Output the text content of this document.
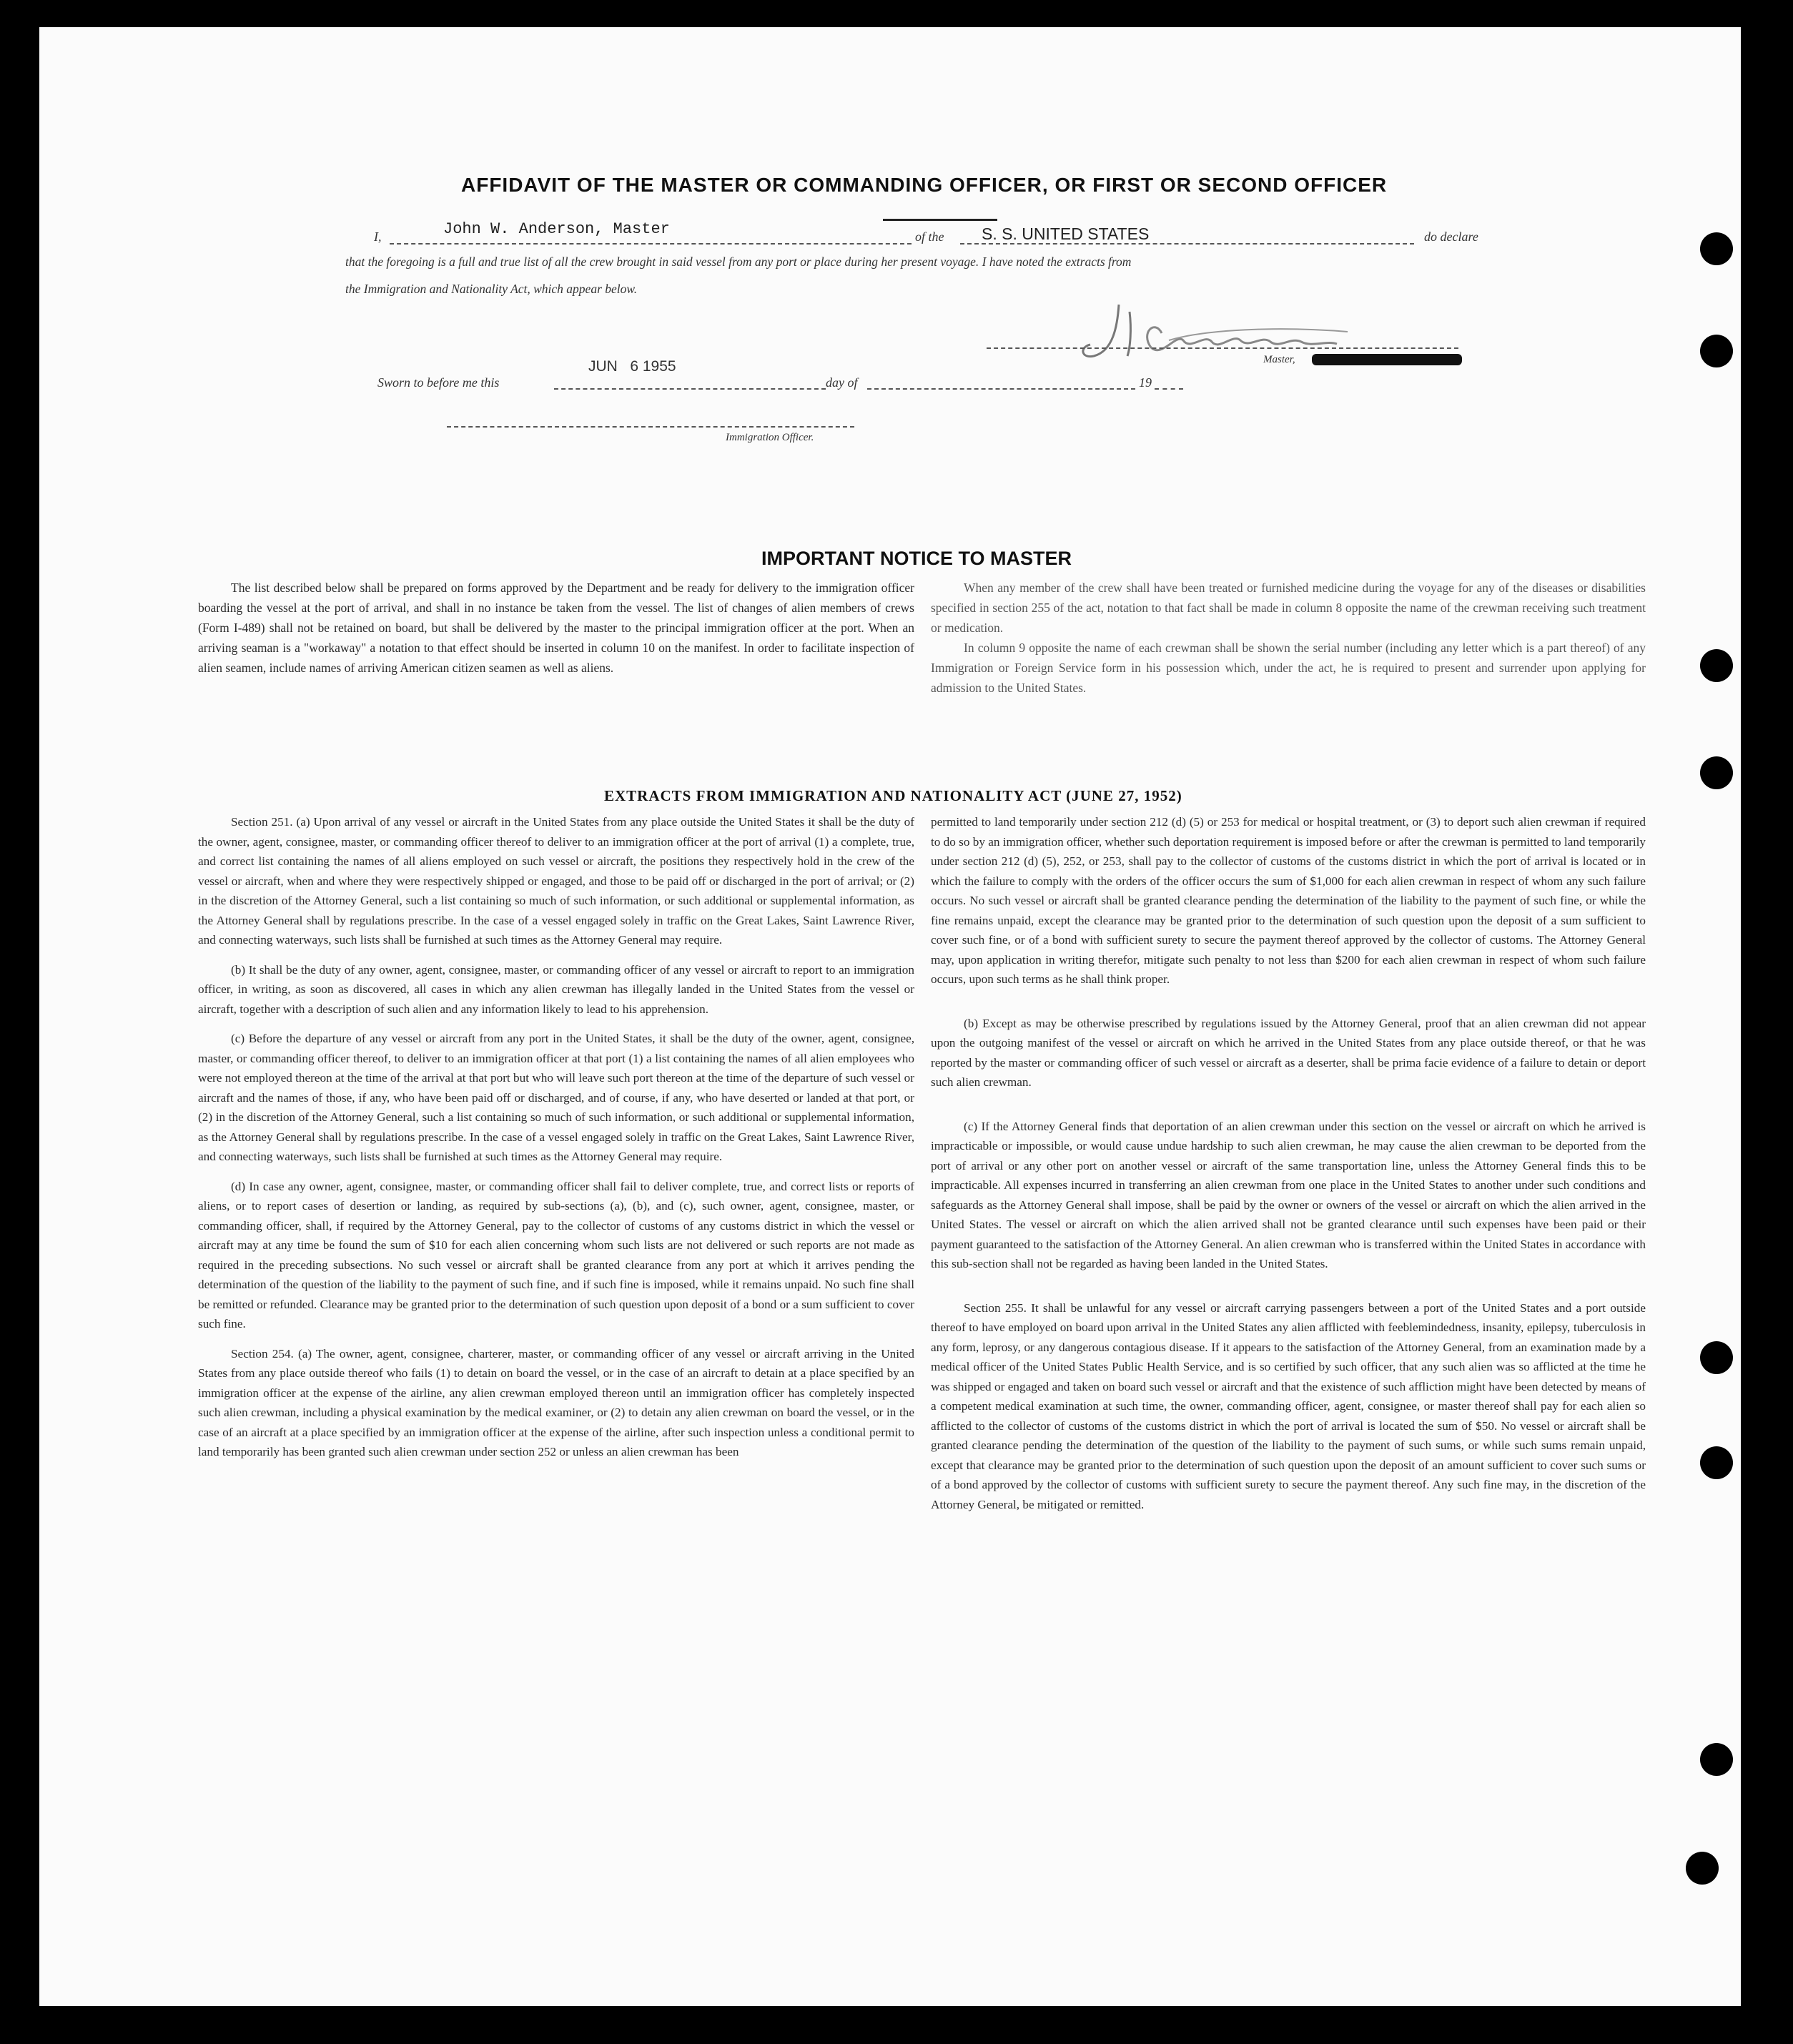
AFFIDAVIT OF THE MASTER OR COMMANDING OFFICER, OR FIRST OR SECOND OFFICER
I,	John W. Anderson, Master	of the S. S. UNITED STATES	do declare
that the foregoing is a full and true list of all the crew brought in said vessel from any port or place during her present voyage. I have noted the extracts from
the Immigration and Nationality Act, which appear below.
Master,
Sworn to before me this
JUN   6 1955
day of	19
Immigration Officer.
IMPORTANT NOTICE TO MASTER

The list described below shall be prepared on forms approved by the Department and be ready for delivery to the immigration officer boarding the vessel at the port of arrival, and shall in no instance be taken from the vessel. The list of changes of alien members of crews (Form I-489) shall not be retained on board, but shall be delivered by the master to the principal immigration officer at the port. When an arriving seaman is a "workaway" a notation to that effect should be inserted in column 10 on the manifest. In order to facilitate inspection of alien seamen, include names of arriving American citizen seamen as well as aliens.

When any member of the crew shall have been treated or furnished medicine during the voyage for any of the diseases or disabilities specified in section 255 of the act, notation to that fact shall be made in column 8 opposite the name of the crewman receiving such treatment or medication.

In column 9 opposite the name of each crewman shall be shown the serial number (including any letter which is a part thereof) of any Immigration or Foreign Service form in his possession which, under the act, he is required to present and surrender upon applying for admission to the United States.

EXTRACTS FROM IMMIGRATION AND NATIONALITY ACT (JUNE 27, 1952)

Section 251. (a) Upon arrival of any vessel or aircraft in the United States from any place outside the United States it shall be the duty of the owner, agent, consignee, master, or commanding officer thereof to deliver to an immigration officer at the port of arrival (1) a complete, true, and correct list containing the names of all aliens employed on such vessel or aircraft, the positions they respectively hold in the crew of the vessel or aircraft, when and where they were respectively shipped or engaged, and those to be paid off or discharged in the port of arrival; or (2) in the discretion of the Attorney General, such a list containing so much of such information, or such additional or supplemental information, as the Attorney General shall by regulations prescribe. In the case of a vessel engaged solely in traffic on the Great Lakes, Saint Lawrence River, and connecting waterways, such lists shall be furnished at such times as the Attorney General may require.

(b) It shall be the duty of any owner, agent, consignee, master, or commanding officer of any vessel or aircraft to report to an immigration officer, in writing, as soon as discovered, all cases in which any alien crewman has illegally landed in the United States from the vessel or aircraft, together with a description of such alien and any information likely to lead to his apprehension.

(c) Before the departure of any vessel or aircraft from any port in the United States, it shall be the duty of the owner, agent, consignee, master, or commanding officer thereof, to deliver to an immigration officer at that port (1) a list containing the names of all alien employees who were not employed thereon at the time of the arrival at that port but who will leave such port thereon at the time of the departure of such vessel or aircraft and the names of those, if any, who have been paid off or discharged, and of course, if any, who have deserted or landed at that port, or (2) in the discretion of the Attorney General, such a list containing so much of such information, or such additional or supplemental information, as the Attorney General shall by regulations prescribe. In the case of a vessel engaged solely in traffic on the Great Lakes, Saint Lawrence River, and connecting waterways, such lists shall be furnished at such times as the Attorney General may require.

(d) In case any owner, agent, consignee, master, or commanding officer shall fail to deliver complete, true, and correct lists or reports of aliens, or to report cases of desertion or landing, as required by sub-sections (a), (b), and (c), such owner, agent, consignee, master, or commanding officer, shall, if required by the Attorney General, pay to the collector of customs of any customs district in which the vessel or aircraft may at any time be found the sum of $10 for each alien concerning whom such lists are not delivered or such reports are not made as required in the preceding subsections. No such vessel or aircraft shall be granted clearance from any port at which it arrives pending the determination of the question of the liability to the payment of such fine, and if such fine is imposed, while it remains unpaid. No such fine shall be remitted or refunded. Clearance may be granted prior to the determination of such question upon deposit of a bond or a sum sufficient to cover such fine.

Section 254. (a) The owner, agent, consignee, charterer, master, or commanding officer of any vessel or aircraft arriving in the United States from any place outside thereof who fails (1) to detain on board the vessel, or in the case of an aircraft to detain at a place specified by an immigration officer at the expense of the airline, any alien crewman employed thereon until an immigration officer has completely inspected such alien crewman, including a physical examination by the medical examiner, or (2) to detain any alien crewman on board the vessel, or in the case of an aircraft at a place specified by an immigration officer at the expense of the airline, after such inspection unless a conditional permit to land temporarily has been granted such alien crewman under section 252 or unless an alien crewman has been

permitted to land temporarily under section 212 (d) (5) or 253 for medical or hospital treatment, or (3) to deport such alien crewman if required to do so by an immigration officer, whether such deportation requirement is imposed before or after the crewman is permitted to land temporarily under section 212 (d) (5), 252, or 253, shall pay to the collector of customs of the customs district in which the port of arrival is located or in which the failure to comply with the orders of the officer occurs the sum of $1,000 for each alien crewman in respect of whom any such failure occurs. No such vessel or aircraft shall be granted clearance pending the determination of the liability to the payment of such fine, or while the fine remains unpaid, except the clearance may be granted prior to the determination of such question upon the deposit of a sum sufficient to cover such fine, or of a bond with sufficient surety to secure the payment thereof approved by the collector of customs. The Attorney General may, upon application in writing therefor, mitigate such penalty to not less than $200 for each alien crewman in respect of whom such failure occurs, upon such terms as he shall think proper.

(b) Except as may be otherwise prescribed by regulations issued by the Attorney General, proof that an alien crewman did not appear upon the outgoing manifest of the vessel or aircraft on which he arrived in the United States from any place outside thereof, or that he was reported by the master or commanding officer of such vessel or aircraft as a deserter, shall be prima facie evidence of a failure to detain or deport such alien crewman.

(c) If the Attorney General finds that deportation of an alien crewman under this section on the vessel or aircraft on which he arrived is impracticable or impossible, or would cause undue hardship to such alien crewman, he may cause the alien crewman to be deported from the port of arrival or any other port on another vessel or aircraft of the same transportation line, unless the Attorney General finds this to be impracticable. All expenses incurred in transferring an alien crewman from one place in the United States to another under such conditions and safeguards as the Attorney General shall impose, shall be paid by the owner or owners of the vessel or aircraft on which the alien arrived in the United States. The vessel or aircraft on which the alien arrived shall not be granted clearance until such expenses have been paid or their payment guaranteed to the satisfaction of the Attorney General. An alien crewman who is transferred within the United States in accordance with this sub-section shall not be regarded as having been landed in the United States.

Section 255. It shall be unlawful for any vessel or aircraft carrying passengers between a port of the United States and a port outside thereof to have employed on board upon arrival in the United States any alien afflicted with feeblemindedness, insanity, epilepsy, tuberculosis in any form, leprosy, or any dangerous contagious disease. If it appears to the satisfaction of the Attorney General, from an examination made by a medical officer of the United States Public Health Service, and is so certified by such officer, that any such alien was so afflicted at the time he was shipped or engaged and taken on board such vessel or aircraft and that the existence of such affliction might have been detected by means of a competent medical examination at such time, the owner, commanding officer, agent, consignee, or master thereof shall pay for each alien so afflicted to the collector of customs of the customs district in which the port of arrival is located the sum of $50. No vessel or aircraft shall be granted clearance pending the determination of the question of the liability to the payment of such sums, or while such sums remain unpaid, except that clearance may be granted prior to the determination of such question upon the deposit of an amount sufficient to cover such sums or of a bond approved by the collector of customs with sufficient surety to secure the payment thereof. Any such fine may, in the discretion of the Attorney General, be mitigated or remitted.
